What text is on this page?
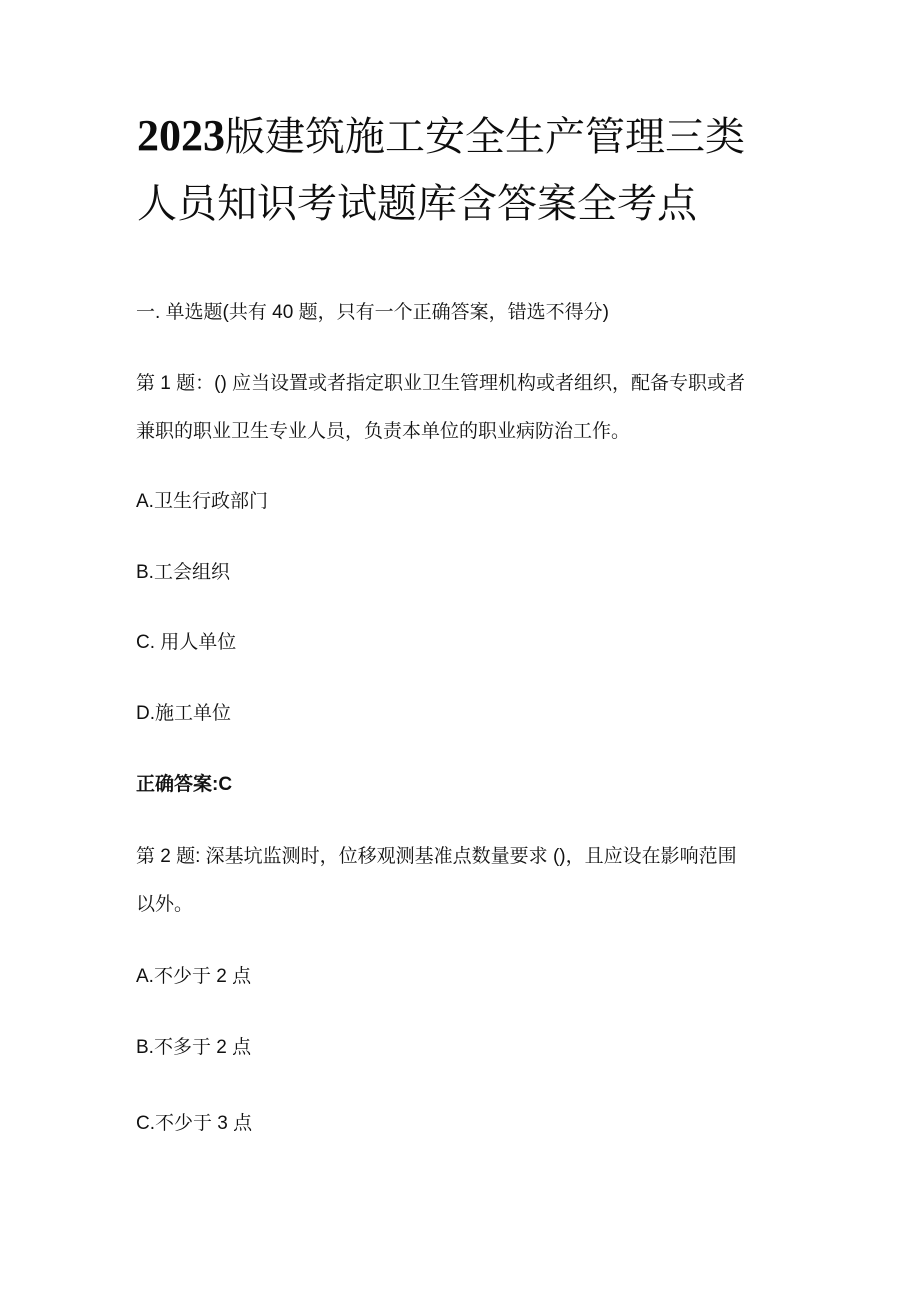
2023版建筑施工安全生产管理三类
人员知识考试题库含答案全考点
一. 单选题(共有 40 题，只有一个正确答案，错选不得分)
第 1 题：() 应当设置或者指定职业卫生管理机构或者组织，配备专职或者
兼职的职业卫生专业人员，负责本单位的职业病防治工作。
A.卫生行政部门
B.工会组织
C. 用人单位
D.施工单位
正确答案:C
第 2 题: 深基坑监测时，位移观测基准点数量要求 ()，且应设在影响范围
以外。
A.不少于 2 点
B.不多于 2 点
C.不少于 3 点
